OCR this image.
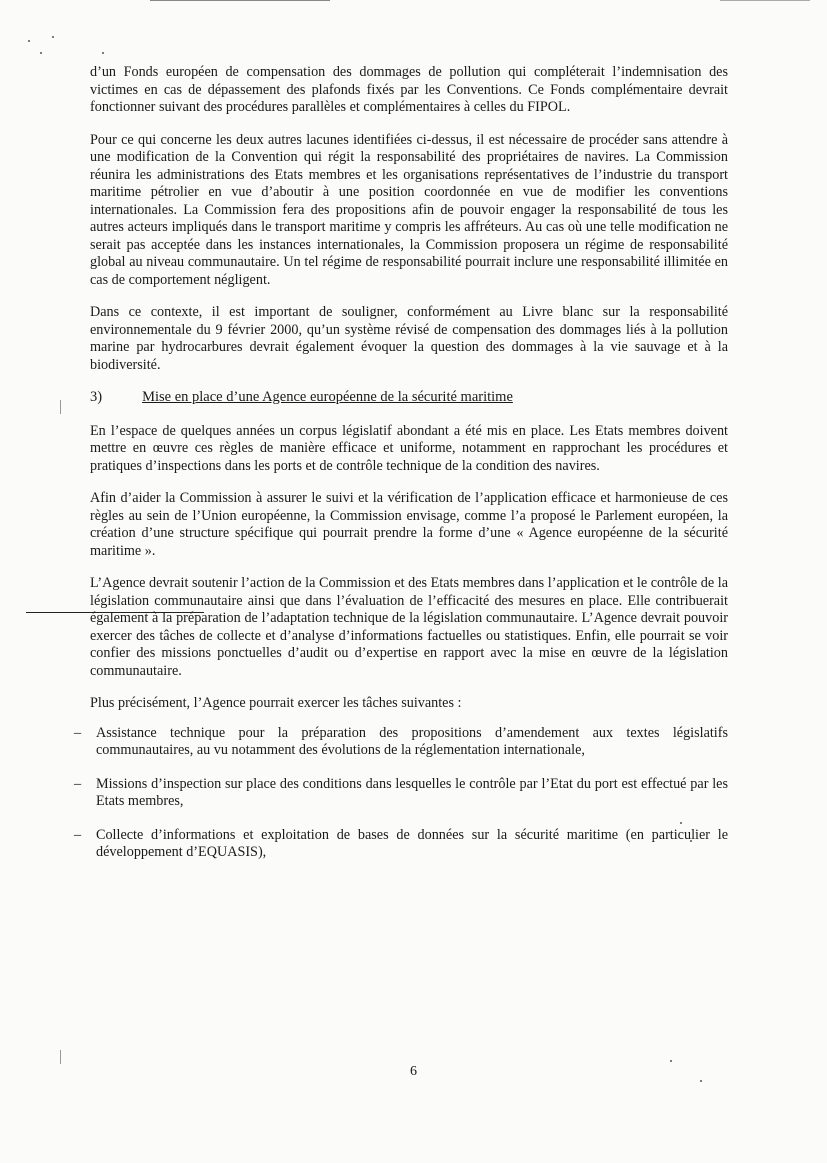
d’un Fonds européen de compensation des dommages de pollution qui compléterait l’indemnisation des victimes en cas de dépassement des plafonds fixés par les Conventions. Ce Fonds complémentaire devrait fonctionner suivant des procédures parallèles et complémentaires à celles du FIPOL.

Pour ce qui concerne les deux autres lacunes identifiées ci-dessus, il est nécessaire de procéder sans attendre à une modification de la Convention qui régit la responsabilité des propriétaires de navires. La Commission réunira les administrations des Etats membres et les organisations représentatives de l’industrie du transport maritime pétrolier en vue d’aboutir à une position coordonnée en vue de modifier les conventions internationales. La Commission fera des propositions afin de pouvoir engager la responsabilité de tous les autres acteurs impliqués dans le transport maritime y compris les affréteurs. Au cas où une telle modification ne serait pas acceptée dans les instances internationales, la Commission proposera un régime de responsabilité global au niveau communautaire. Un tel régime de responsabilité pourrait inclure une responsabilité illimitée en cas de comportement négligent.

Dans ce contexte, il est important de souligner, conformément au Livre blanc sur la responsabilité environnementale du 9 février 2000, qu’un système révisé de compensation des dommages liés à la pollution marine par hydrocarbures devrait également évoquer la question des dommages à la vie sauvage et à la biodiversité.

3)	Mise en place d’une Agence européenne de la sécurité maritime

En l’espace de quelques années un corpus législatif abondant a été mis en place. Les Etats membres doivent mettre en œuvre ces règles de manière efficace et uniforme, notamment en rapprochant les procédures et pratiques d’inspections dans les ports et de contrôle technique de la condition des navires.

Afin d’aider la Commission à assurer le suivi et la vérification de l’application efficace et harmonieuse de ces règles au sein de l’Union européenne, la Commission envisage, comme l’a proposé le Parlement européen, la création d’une structure spécifique qui pourrait prendre la forme d’une « Agence européenne de la sécurité maritime ».

L’Agence devrait soutenir l’action de la Commission et des Etats membres dans l’application et le contrôle de la législation communautaire ainsi que dans l’évaluation de l’efficacité des mesures en place. Elle contribuerait également à la préparation de l’adaptation technique de la législation communautaire. L’Agence devrait pouvoir exercer des tâches de collecte et d’analyse d’informations factuelles ou statistiques. Enfin, elle pourrait se voir confier des missions ponctuelles d’audit ou d’expertise en rapport avec la mise en œuvre de la législation communautaire.

Plus précisément, l’Agence pourrait exercer les tâches suivantes :

– Assistance technique pour la préparation des propositions d’amendement aux textes législatifs communautaires, au vu notamment des évolutions de la réglementation internationale,
– Missions d’inspection sur place des conditions dans lesquelles le contrôle par l’Etat du port est effectué par les Etats membres,
– Collecte d’informations et exploitation de bases de données sur la sécurité maritime (en particulier le développement d’EQUASIS),
6
